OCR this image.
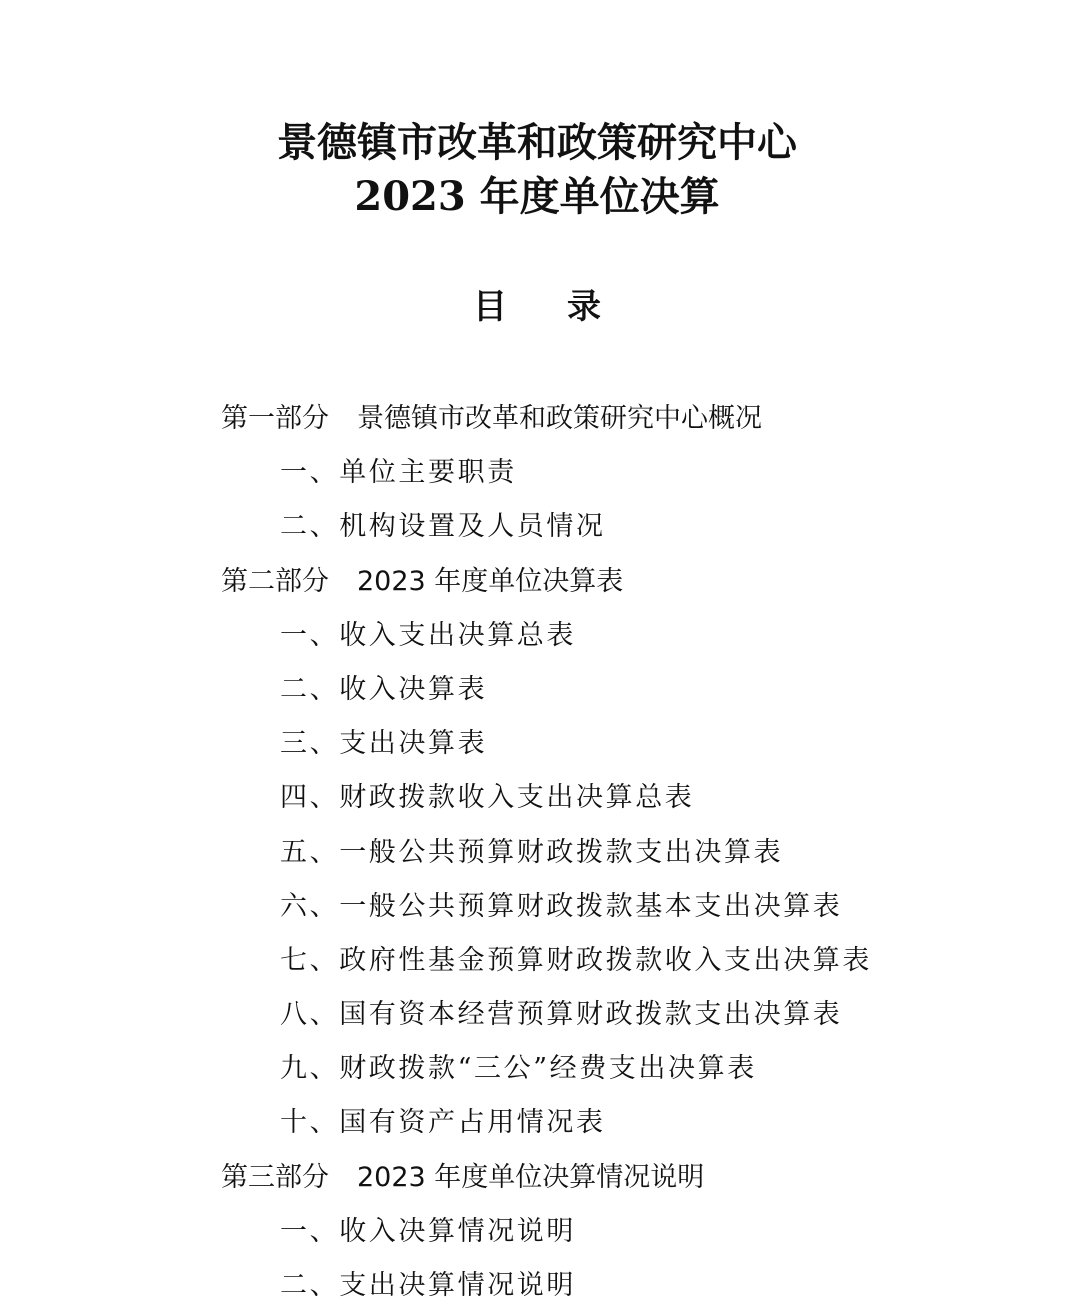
景德镇市改革和政策研究中心
2023 年度单位决算
目录
第一部分 景德镇市改革和政策研究中心概况
一、单位主要职责
二、机构设置及人员情况
第二部分 2023 年度单位决算表
一、收入支出决算总表
二、收入决算表
三、支出决算表
四、财政拨款收入支出决算总表
五、一般公共预算财政拨款支出决算表
六、一般公共预算财政拨款基本支出决算表
七、政府性基金预算财政拨款收入支出决算表
八、国有资本经营预算财政拨款支出决算表
九、财政拨款“三公”经费支出决算表
十、国有资产占用情况表
第三部分 2023 年度单位决算情况说明
一、收入决算情况说明
二、支出决算情况说明
